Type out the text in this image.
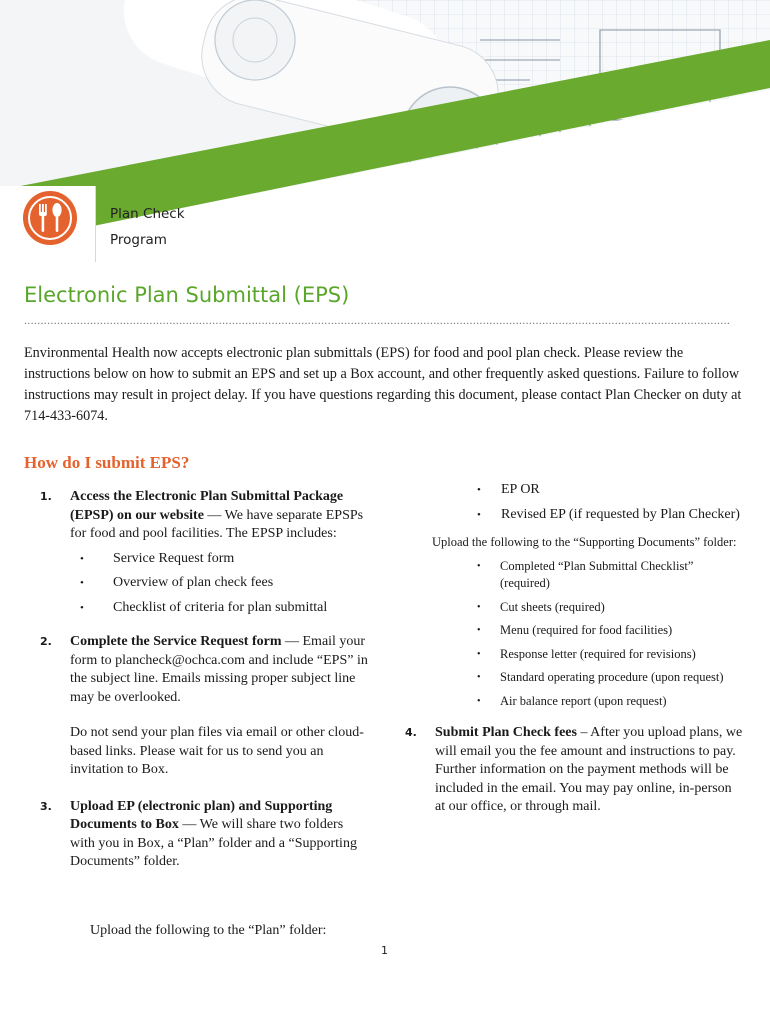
Plan Check
Program
Electronic Plan Submittal (EPS)
......................................................................................................................................................................................................................

Environmental Health now accepts electronic plan submittals (EPS) for food and pool plan check. Please review the instructions below on how to submit an EPS and set up a Box account, and other frequently asked questions. Failure to follow instructions may result in project delay. If you have questions regarding this document, please contact Plan Checker on duty at 714-433-6074.

How do I submit EPS?
1. Access the Electronic Plan Submittal Package (EPSP) on our website — We have separate EPSPs for food and pool facilities. The EPSP includes:
• Service Request form
• Overview of plan check fees
• Checklist of criteria for plan submittal
2. Complete the Service Request form — Email your form to plancheck@ochca.com and include “EPS” in the subject line. Emails missing proper subject line may be overlooked.
Do not send your plan files via email or other cloud-based links. Please wait for us to send you an invitation to Box.
3. Upload EP (electronic plan) and Supporting Documents to Box — We will share two folders with you in Box, a “Plan” folder and a “Supporting Documents” folder.
Upload the following to the “Plan” folder:
• EP OR
• Revised EP (if requested by Plan Checker)
Upload the following to the “Supporting Documents” folder:
• Completed “Plan Submittal Checklist” (required)
• Cut sheets (required)
• Menu (required for food facilities)
• Response letter (required for revisions)
• Standard operating procedure (upon request)
• Air balance report (upon request)
4. Submit Plan Check fees – After you upload plans, we will email you the fee amount and instructions to pay. Further information on the payment methods will be included in the email. You may pay online, in-person at our office, or through mail.
1
